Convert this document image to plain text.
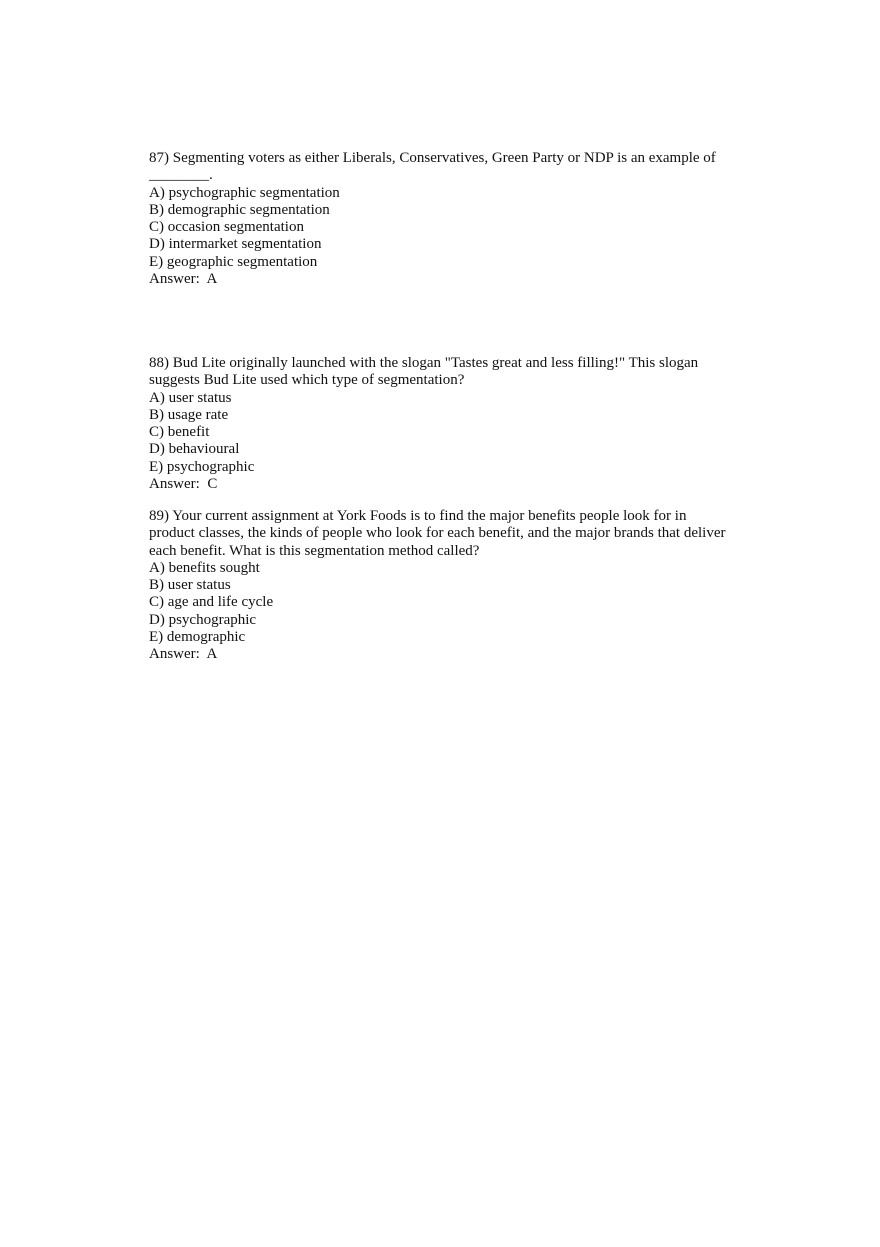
87) Segmenting voters as either Liberals, Conservatives, Green Party or NDP is an example of
________.
A) psychographic segmentation
B) demographic segmentation
C) occasion segmentation
D) intermarket segmentation
E) geographic segmentation
Answer:  A
88) Bud Lite originally launched with the slogan "Tastes great and less filling!" This slogan
suggests Bud Lite used which type of segmentation?
A) user status
B) usage rate
C) benefit
D) behavioural
E) psychographic
Answer:  C
89) Your current assignment at York Foods is to find the major benefits people look for in
product classes, the kinds of people who look for each benefit, and the major brands that deliver
each benefit. What is this segmentation method called?
A) benefits sought
B) user status
C) age and life cycle
D) psychographic
E) demographic
Answer:  A
